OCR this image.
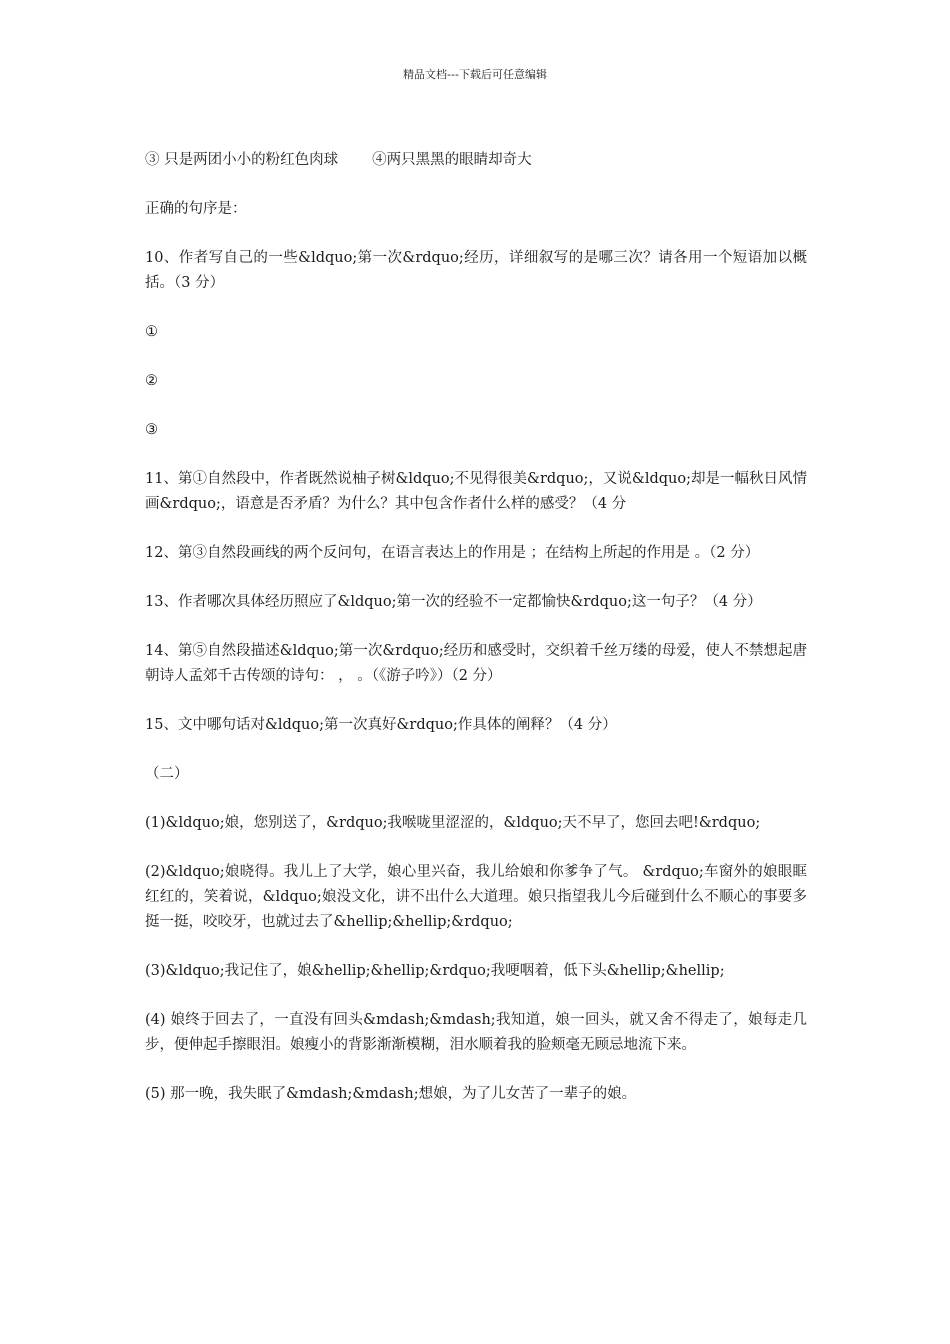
精品文档---下载后可任意编辑

③ 只是两团小小的粉红色肉球 ④两只黑黑的眼睛却奇大

正确的句序是：

10、作者写自己的一些&ldquo;第一次&rdquo;经历，详细叙写的是哪三次？请各用一个短语加以概括。（3 分）

①

②

③

11、第①自然段中，作者既然说柚子树&ldquo;不见得很美&rdquo;，又说&ldquo;却是一幅秋日风情画&rdquo;，语意是否矛盾？为什么？其中包含作者什么样的感受？（4 分

12、第③自然段画线的两个反问句，在语言表达上的作用是 ；在结构上所起的作用是 。（2 分）

13、作者哪次具体经历照应了&ldquo;第一次的经验不一定都愉快&rdquo;这一句子？（4 分）

14、第⑤自然段描述&ldquo;第一次&rdquo;经历和感受时，交织着千丝万缕的母爱，使人不禁想起唐朝诗人孟郊千古传颂的诗句： ， 。（《游子吟》）（2 分）

15、文中哪句话对&ldquo;第一次真好&rdquo;作具体的阐释？（4 分）

（二）

(1)&ldquo;娘，您别送了，&rdquo;我喉咙里涩涩的，&ldquo;天不早了，您回去吧!&rdquo;

(2)&ldquo;娘晓得。我儿上了大学，娘心里兴奋，我儿给娘和你爹争了气。 &rdquo;车窗外的娘眼眶红红的，笑着说，&ldquo;娘没文化，讲不出什么大道理。娘只指望我儿今后碰到什么不顺心的事要多挺一挺，咬咬牙，也就过去了&hellip;&hellip;&rdquo;

(3)&ldquo;我记住了，娘&hellip;&hellip;&rdquo;我哽咽着，低下头&hellip;&hellip;

(4) 娘终于回去了，一直没有回头&mdash;&mdash;我知道，娘一回头，就又舍不得走了，娘每走几步，便伸起手擦眼泪。娘瘦小的背影渐渐模糊，泪水顺着我的脸颊毫无顾忌地流下来。

(5) 那一晚，我失眠了&mdash;&mdash;想娘，为了儿女苦了一辈子的娘。
